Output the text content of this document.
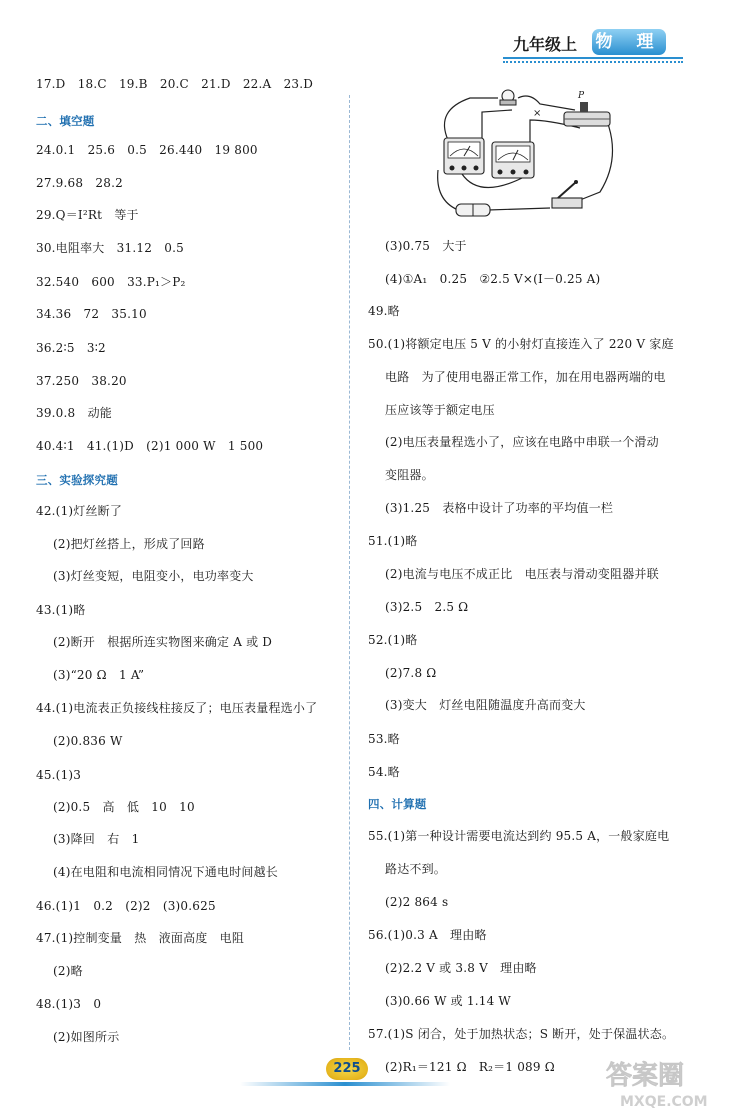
九年级上 物 理
17.D　18.C　19.B　20.C　21.D　22.A　23.D
二、填空题
24.0.1　25.6　0.5　26.440　19 800
27.9.68　28.2
29.Q＝I²Rt　等于
30.电阻率大　31.12　0.5
32.540　600　33.P₁＞P₂
34.36　72　35.10
36.2∶5　3∶2
37.250　38.20
39.0.8　动能
40.4∶1　41.(1)D　(2)1 000 W　1 500
三、实验探究题
42.(1)灯丝断了
(2)把灯丝搭上，形成了回路
(3)灯丝变短，电阻变小，电功率变大
43.(1)略
(2)断开　根据所连实物图来确定 A 或 D
(3)“20 Ω　1 A”
44.(1)电流表正负接线柱接反了；电压表量程选小了
(2)0.836 W
45.(1)3
(2)0.5　高　低　10　10
(3)降回　右　1
(4)在电阻和电流相同情况下通电时间越长
46.(1)1　0.2　(2)2　(3)0.625
47.(1)控制变量　热　液面高度　电阻
(2)略
48.(1)3　0
(2)如图所示
×
P
(3)0.75　大于
(4)①A₁　0.25　②2.5 V×(I－0.25 A)
49.略
50.(1)将额定电压 5 V 的小射灯直接连入了 220 V 家庭
电路　为了使用电器正常工作，加在用电器两端的电
压应该等于额定电压
(2)电压表量程选小了，应该在电路中串联一个滑动
变阻器。
(3)1.25　表格中设计了功率的平均值一栏
51.(1)略
(2)电流与电压不成正比　电压表与滑动变阻器并联
(3)2.5　2.5 Ω
52.(1)略
(2)7.8 Ω
(3)变大　灯丝电阻随温度升高而变大
53.略
54.略
四、计算题
55.(1)第一种设计需要电流达到约 95.5 A，一般家庭电
路达不到。
(2)2 864 s
56.(1)0.3 A　理由略
(2)2.2 V 或 3.8 V　理由略
(3)0.66 W 或 1.14 W
57.(1)S 闭合，处于加热状态；S 断开，处于保温状态。
(2)R₁＝121 Ω　R₂＝1 089 Ω
225	答案圈
MXQE.COM
